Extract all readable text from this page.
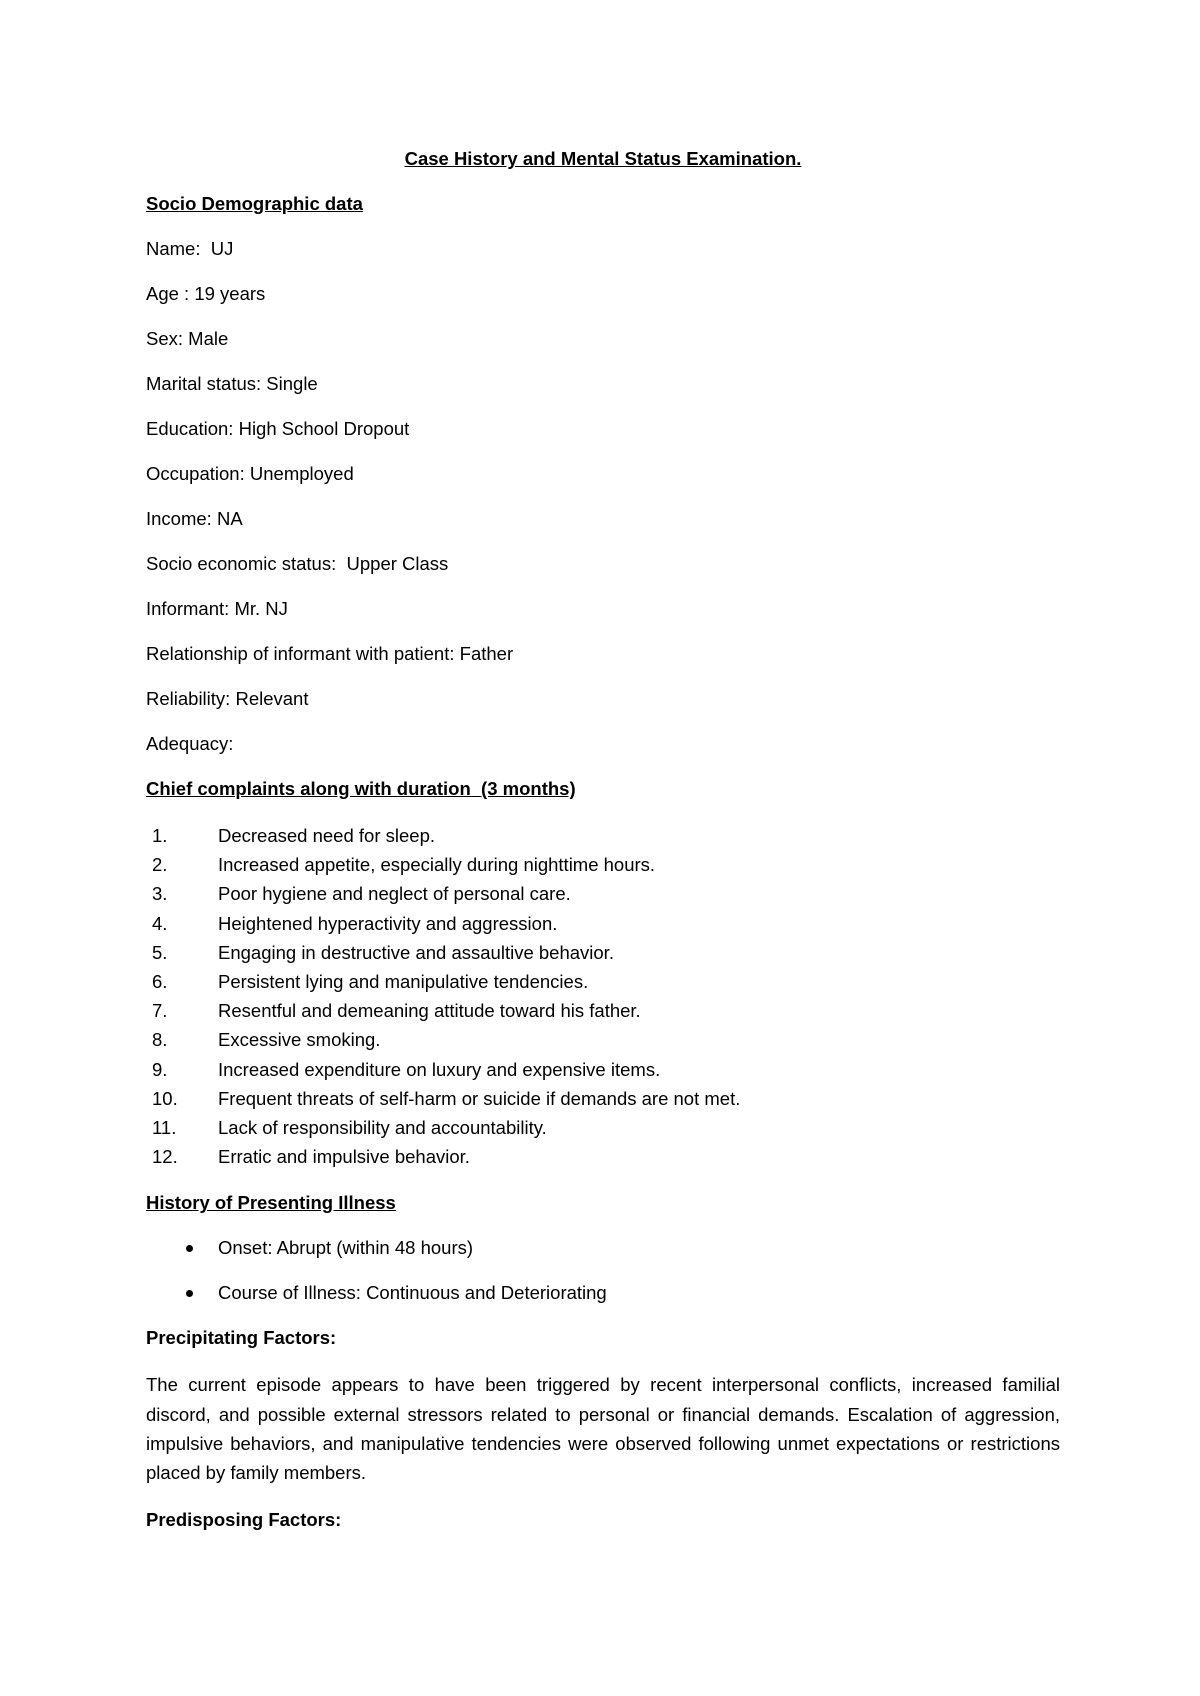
Case History and Mental Status Examination.
Socio Demographic data
Name: UJ
Age : 19 years
Sex: Male
Marital status: Single
Education: High School Dropout
Occupation: Unemployed
Income: NA
Socio economic status: Upper Class
Informant: Mr. NJ
Relationship of informant with patient: Father
Reliability: Relevant
Adequacy:
Chief complaints along with duration  (3 months)
1.	Decreased need for sleep.
2.	Increased appetite, especially during nighttime hours.
3.	Poor hygiene and neglect of personal care.
4.	Heightened hyperactivity and aggression.
5.	Engaging in destructive and assaultive behavior.
6.	Persistent lying and manipulative tendencies.
7.	Resentful and demeaning attitude toward his father.
8.	Excessive smoking.
9.	Increased expenditure on luxury and expensive items.
10. Frequent threats of self-harm or suicide if demands are not met.
11. Lack of responsibility and accountability.
12. Erratic and impulsive behavior.
History of Presenting Illness
Onset: Abrupt (within 48 hours)
Course of Illness: Continuous and Deteriorating
Precipitating Factors:
The current episode appears to have been triggered by recent interpersonal conflicts, increased familial discord, and possible external stressors related to personal or financial demands. Escalation of aggression, impulsive behaviors, and manipulative tendencies were observed following unmet expectations or restrictions placed by family members.
Predisposing Factors:
